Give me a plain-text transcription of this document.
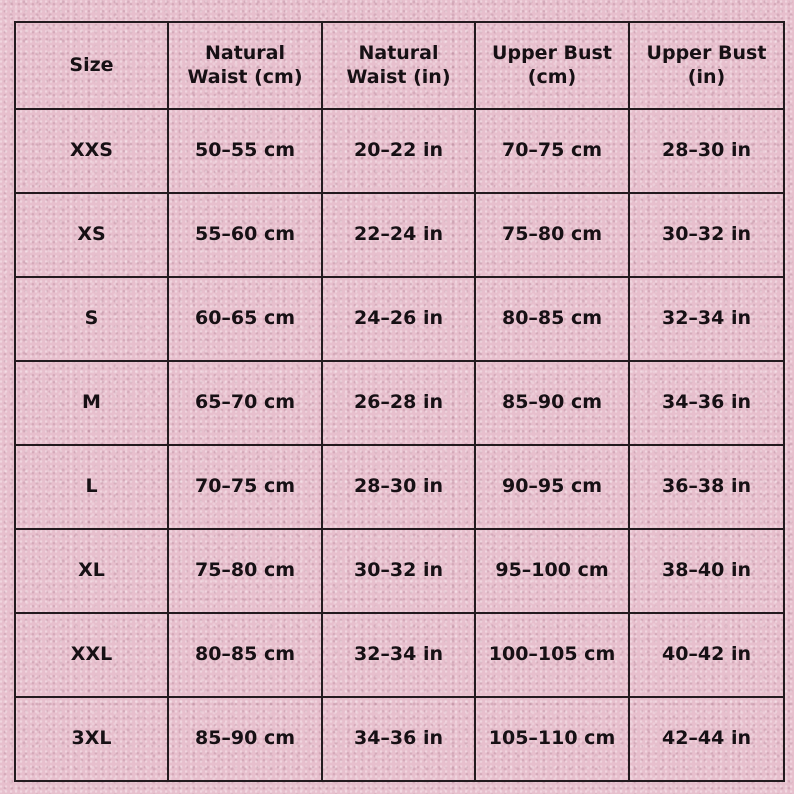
Size	Natural Waist (cm)	Natural Waist (in)	Upper Bust (cm)	Upper Bust (in)
XXS	50–55 cm	20–22 in	70–75 cm	28–30 in
XS	55–60 cm	22–24 in	75–80 cm	30–32 in
S	60–65 cm	24–26 in	80–85 cm	32–34 in
M	65–70 cm	26–28 in	85–90 cm	34–36 in
L	70–75 cm	28–30 in	90–95 cm	36–38 in
XL	75–80 cm	30–32 in	95–100 cm	38–40 in
XXL	80–85 cm	32–34 in	100–105 cm	40–42 in
3XL	85–90 cm	34–36 in	105–110 cm	42–44 in
